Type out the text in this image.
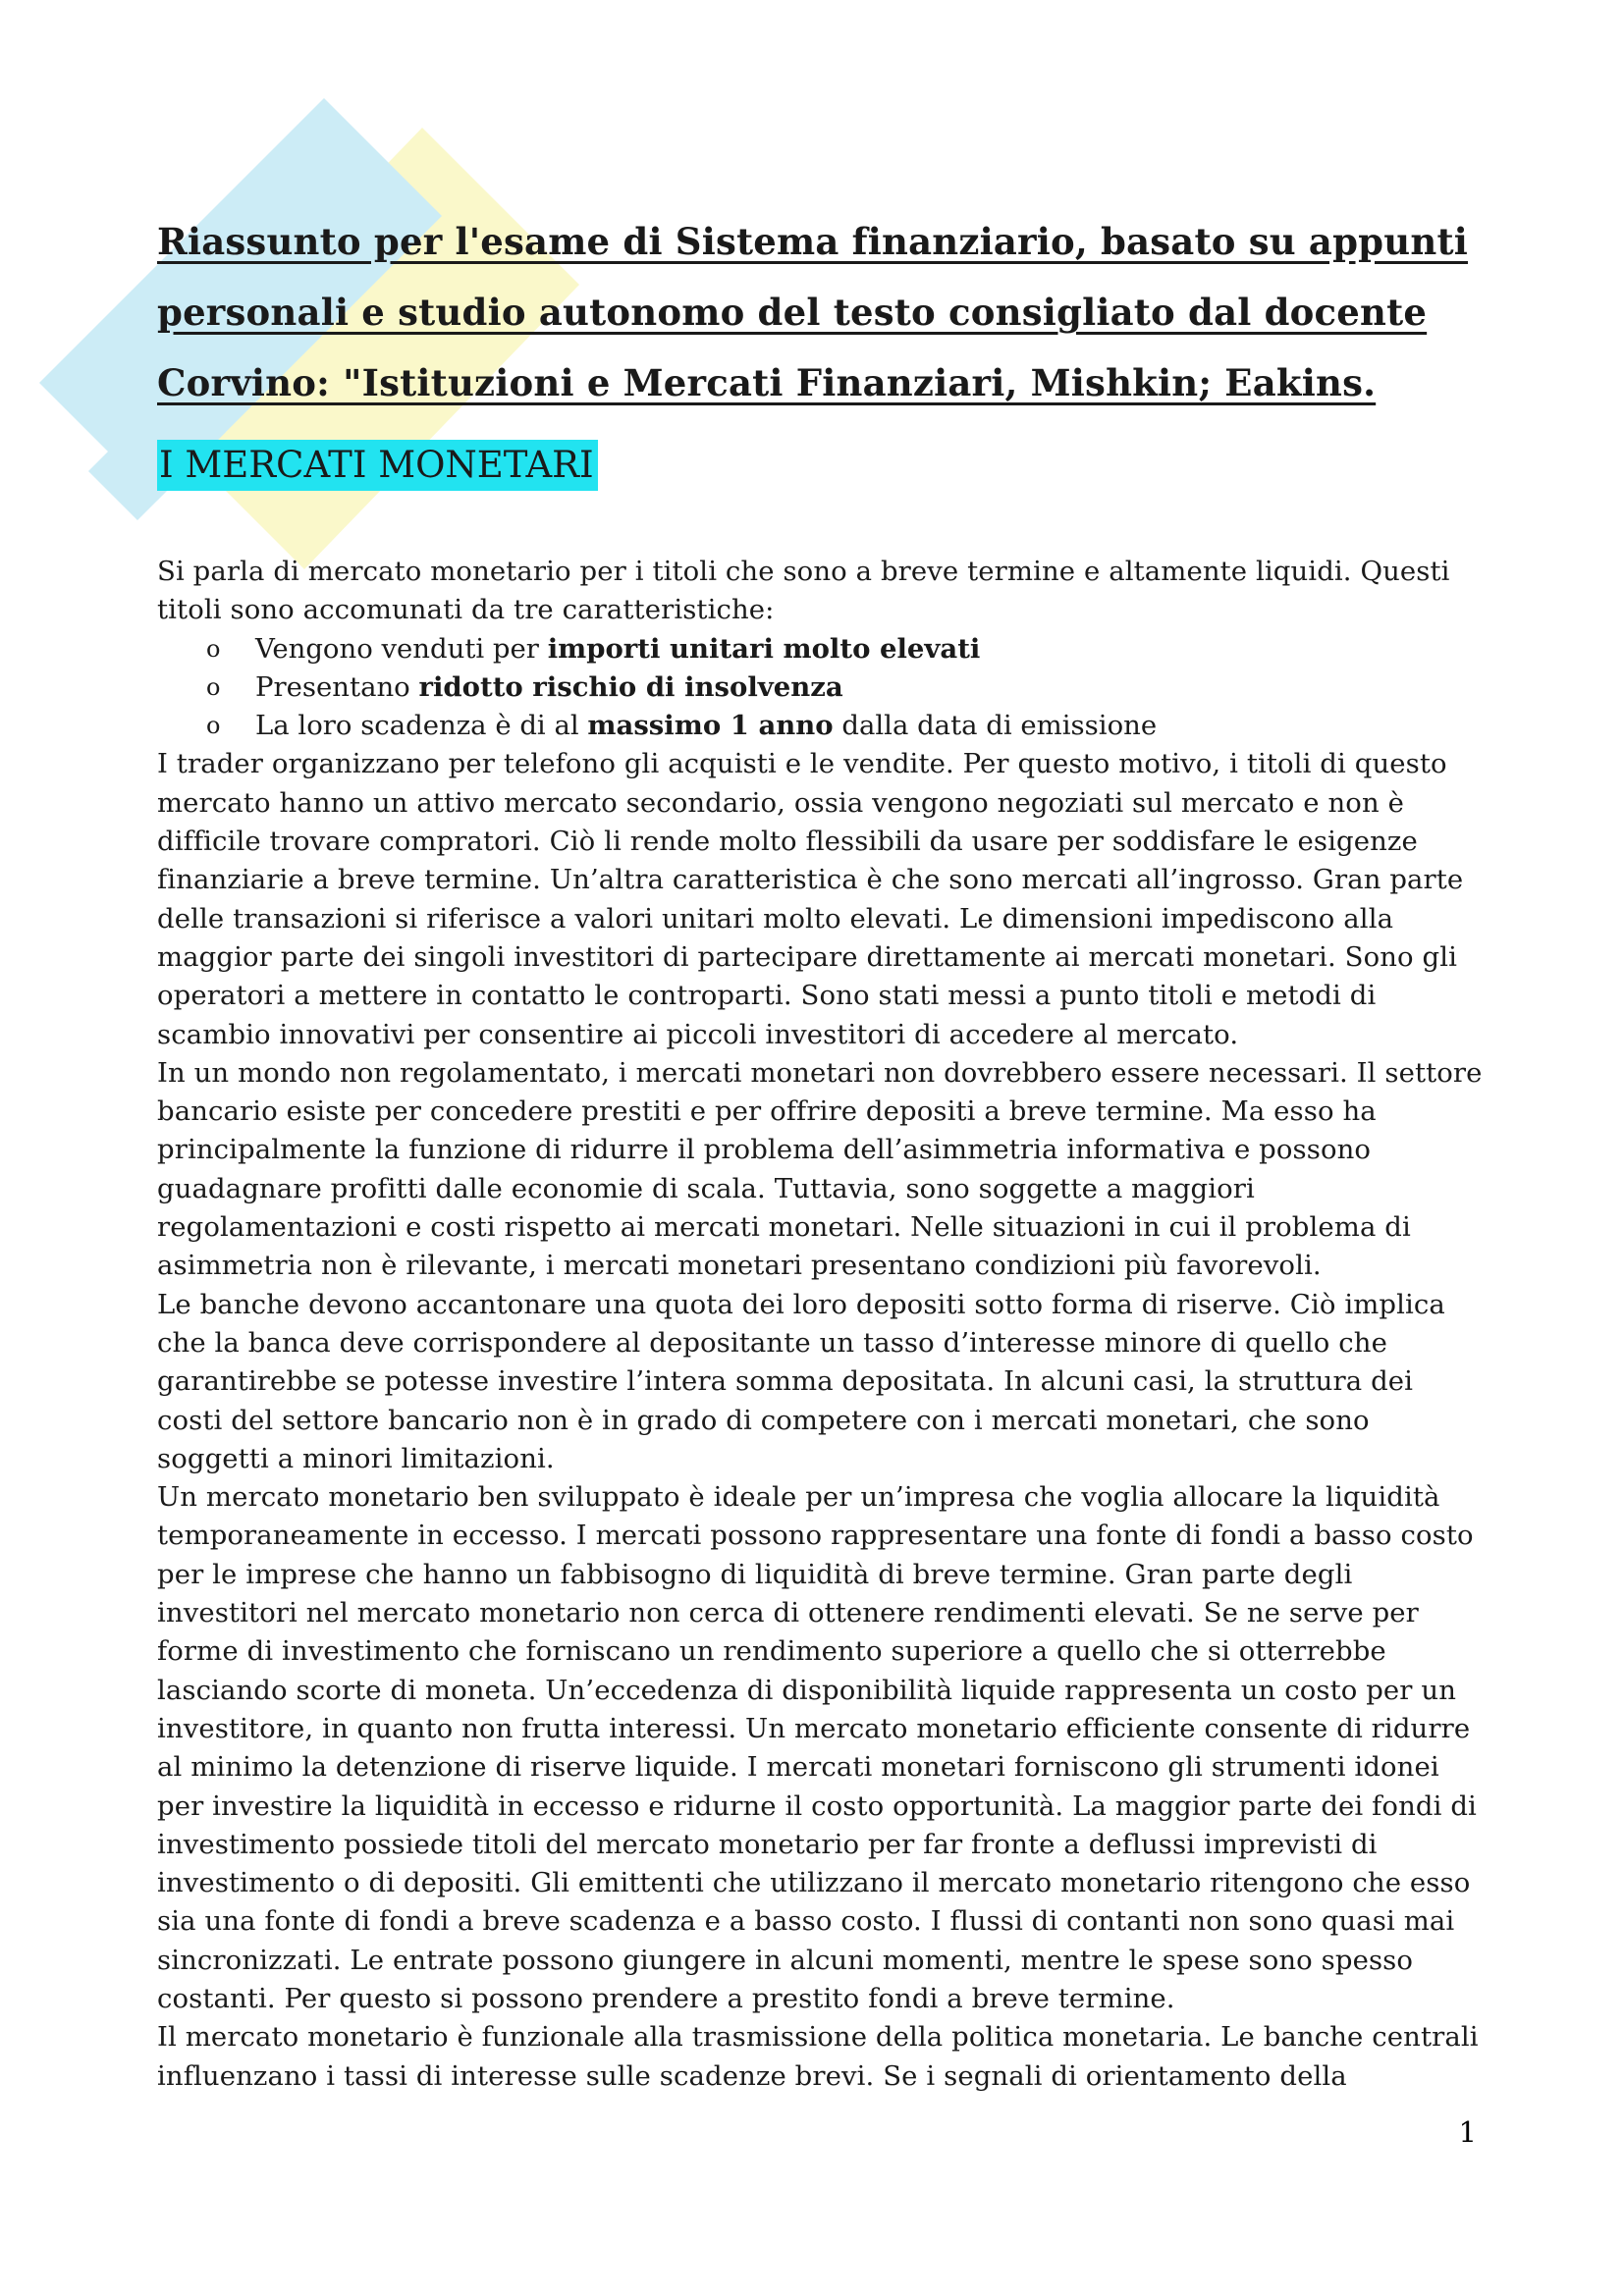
Riassunto per l'esame di Sistema finanziario, basato su appunti personali e studio autonomo del testo consigliato dal docente Corvino: "Istituzioni e Mercati Finanziari, Mishkin; Eakins.
I MERCATI MONETARI

Si parla di mercato monetario per i titoli che sono a breve termine e altamente liquidi. Questi titoli sono accomunati da tre caratteristiche:

o	Vengono venduti per importi unitari molto elevati
o	Presentano ridotto rischio di insolvenza
o	La loro scadenza è di al massimo 1 anno dalla data di emissione

I trader organizzano per telefono gli acquisti e le vendite. Per questo motivo, i titoli di questo mercato hanno un attivo mercato secondario, ossia vengono negoziati sul mercato e non è difficile trovare compratori. Ciò li rende molto flessibili da usare per soddisfare le esigenze finanziarie a breve termine. Un’altra caratteristica è che sono mercati all’ingrosso. Gran parte delle transazioni si riferisce a valori unitari molto elevati. Le dimensioni impediscono alla maggior parte dei singoli investitori di partecipare direttamente ai mercati monetari. Sono gli operatori a mettere in contatto le controparti. Sono stati messi a punto titoli e metodi di scambio innovativi per consentire ai piccoli investitori di accedere al mercato.

In un mondo non regolamentato, i mercati monetari non dovrebbero essere necessari. Il settore bancario esiste per concedere prestiti e per offrire depositi a breve termine. Ma esso ha principalmente la funzione di ridurre il problema dell’asimmetria informativa e possono guadagnare profitti dalle economie di scala. Tuttavia, sono soggette a maggiori regolamentazioni e costi rispetto ai mercati monetari. Nelle situazioni in cui il problema di asimmetria non è rilevante, i mercati monetari presentano condizioni più favorevoli.

Le banche devono accantonare una quota dei loro depositi sotto forma di riserve. Ciò implica che la banca deve corrispondere al depositante un tasso d’interesse minore di quello che garantirebbe se potesse investire l’intera somma depositata. In alcuni casi, la struttura dei costi del settore bancario non è in grado di competere con i mercati monetari, che sono soggetti a minori limitazioni.

Un mercato monetario ben sviluppato è ideale per un’impresa che voglia allocare la liquidità temporaneamente in eccesso. I mercati possono rappresentare una fonte di fondi a basso costo per le imprese che hanno un fabbisogno di liquidità di breve termine. Gran parte degli investitori nel mercato monetario non cerca di ottenere rendimenti elevati. Se ne serve per forme di investimento che forniscano un rendimento superiore a quello che si otterrebbe lasciando scorte di moneta. Un’eccedenza di disponibilità liquide rappresenta un costo per un investitore, in quanto non frutta interessi. Un mercato monetario efficiente consente di ridurre al minimo la detenzione di riserve liquide. I mercati monetari forniscono gli strumenti idonei per investire la liquidità in eccesso e ridurne il costo opportunità. La maggior parte dei fondi di investimento possiede titoli del mercato monetario per far fronte a deflussi imprevisti di investimento o di depositi. Gli emittenti che utilizzano il mercato monetario ritengono che esso sia una fonte di fondi a breve scadenza e a basso costo. I flussi di contanti non sono quasi mai sincronizzati. Le entrate possono giungere in alcuni momenti, mentre le spese sono spesso costanti. Per questo si possono prendere a prestito fondi a breve termine.

Il mercato monetario è funzionale alla trasmissione della politica monetaria. Le banche centrali influenzano i tassi di interesse sulle scadenze brevi. Se i segnali di orientamento della

1
